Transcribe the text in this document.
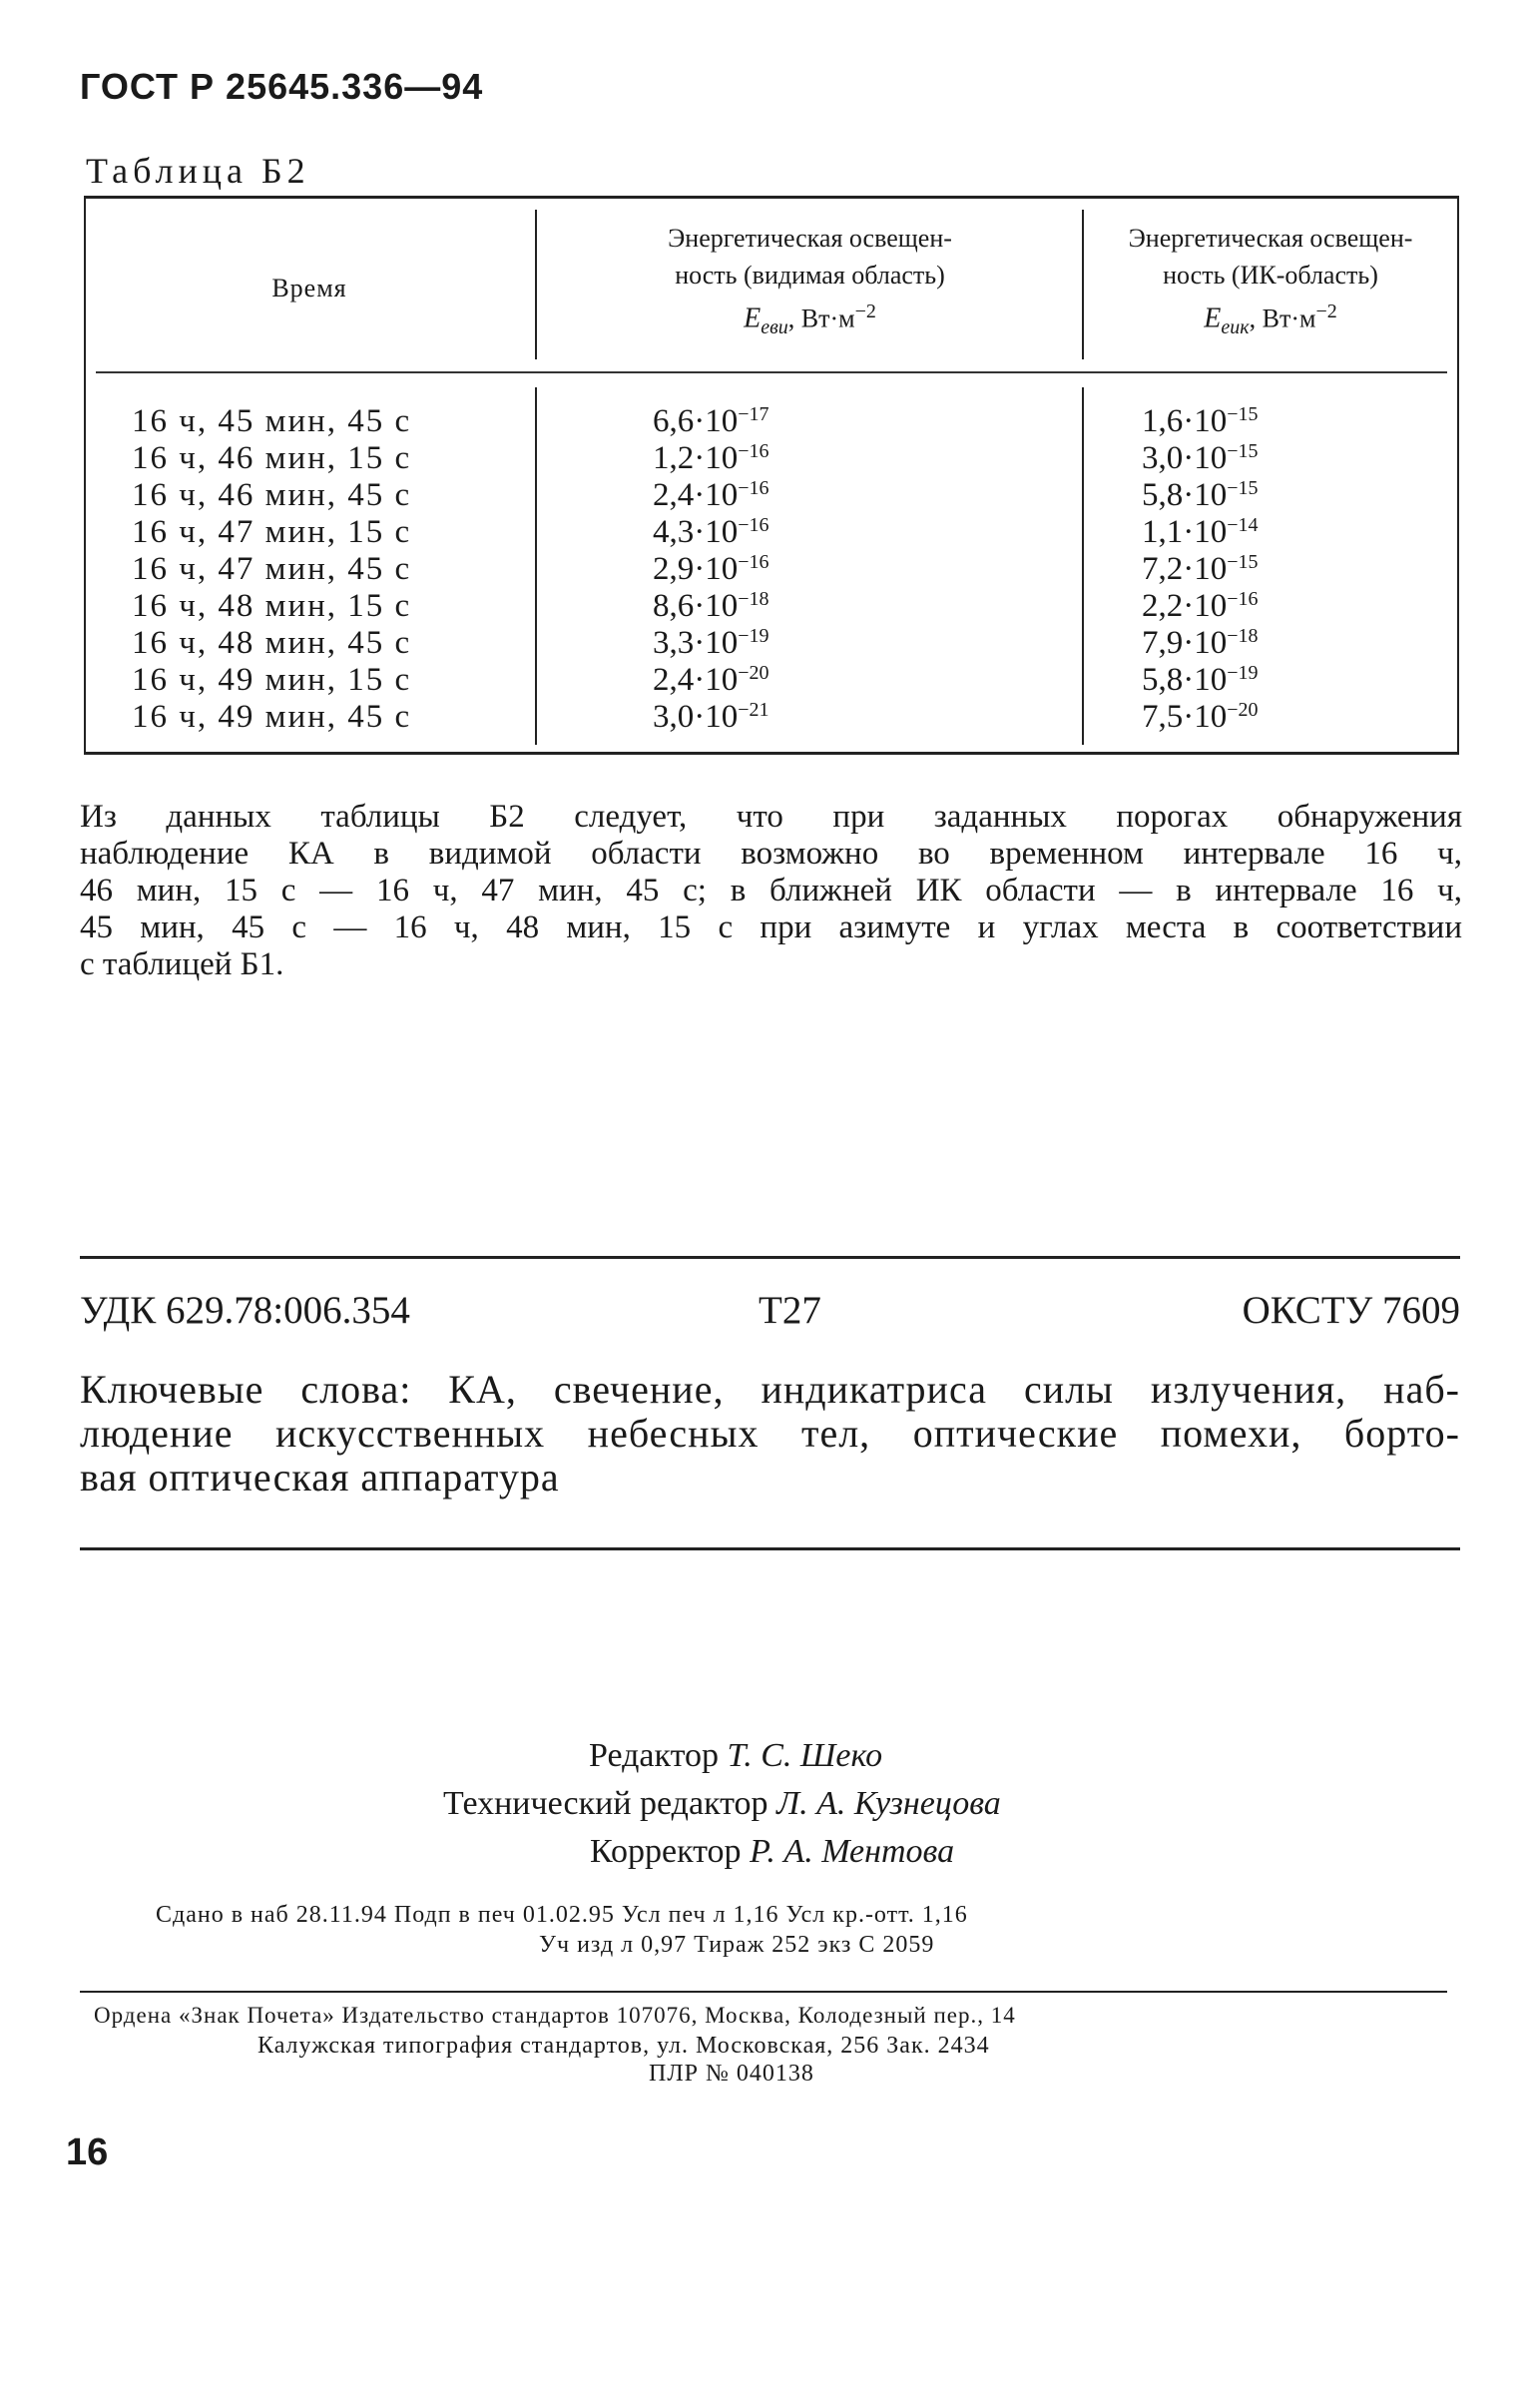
ГОСТ Р 25645.336—94
Таблица Б2
Время
Энергетическая освещен-
ность (видимая область)
$E_{eви}$, $Вт\cdot м^{-2}$
Энергетическая освещен-
ность (ИК-область)
$E_{eик}$, $Вт\cdot м^{-2}$
16 ч, 45 мин, 45 с	$6,6\cdot 10^{-17}$	$1,6\cdot 10^{-15}$
16 ч, 46 мин, 15 с	$1,2\cdot 10^{-16}$	$3,0\cdot 10^{-15}$
16 ч, 46 мин, 45 с	$2,4\cdot 10^{-16}$	$5,8\cdot 10^{-15}$
16 ч, 47 мин, 15 с	$4,3\cdot 10^{-16}$	$1,1\cdot 10^{-14}$
16 ч, 47 мин, 45 с	$2,9\cdot 10^{-16}$	$7,2\cdot 10^{-15}$
16 ч, 48 мин, 15 с	$8,6\cdot 10^{-18}$	$2,2\cdot 10^{-16}$
16 ч, 48 мин, 45 с	$3,3\cdot 10^{-19}$	$7,9\cdot 10^{-18}$
16 ч, 49 мин, 15 с	$2,4\cdot 10^{-20}$	$5,8\cdot 10^{-19}$
16 ч, 49 мин, 45 с	$3,0\cdot 10^{-21}$	$7,5\cdot 10^{-20}$
Из данных таблицы Б2 следует, что при заданных порогах обнаружения
наблюдение КА в видимой области возможно во временном интервале 16 ч,
46 мин, 15 с — 16 ч, 47 мин, 45 с; в ближней ИК области — в интервале 16 ч,
45 мин, 45 с — 16 ч, 48 мин, 15 с при азимуте и углах места в соответствии
с таблицей Б1.
УДК 629.78:006.354	Т27	ОКСТУ 7609
Ключевые слова: КА, свечение, индикатриса силы излучения, наб-
людение искусственных небесных тел, оптические помехи, борто-
вая оптическая аппаратура
Редактор Т. С. Шеко
Технический редактор Л. А. Кузнецова
Корректор Р. А. Ментова
Сдано в наб 28.11.94 Подп в печ 01.02.95 Усл печ л 1,16 Усл кр.-отт. 1,16
Уч изд л 0,97 Тираж 252 экз С 2059
Ордена «Знак Почета» Издательство стандартов 107076, Москва, Колодезный пер., 14
Калужская типография стандартов, ул. Московская, 256 Зак. 2434
ПЛР № 040138
16
